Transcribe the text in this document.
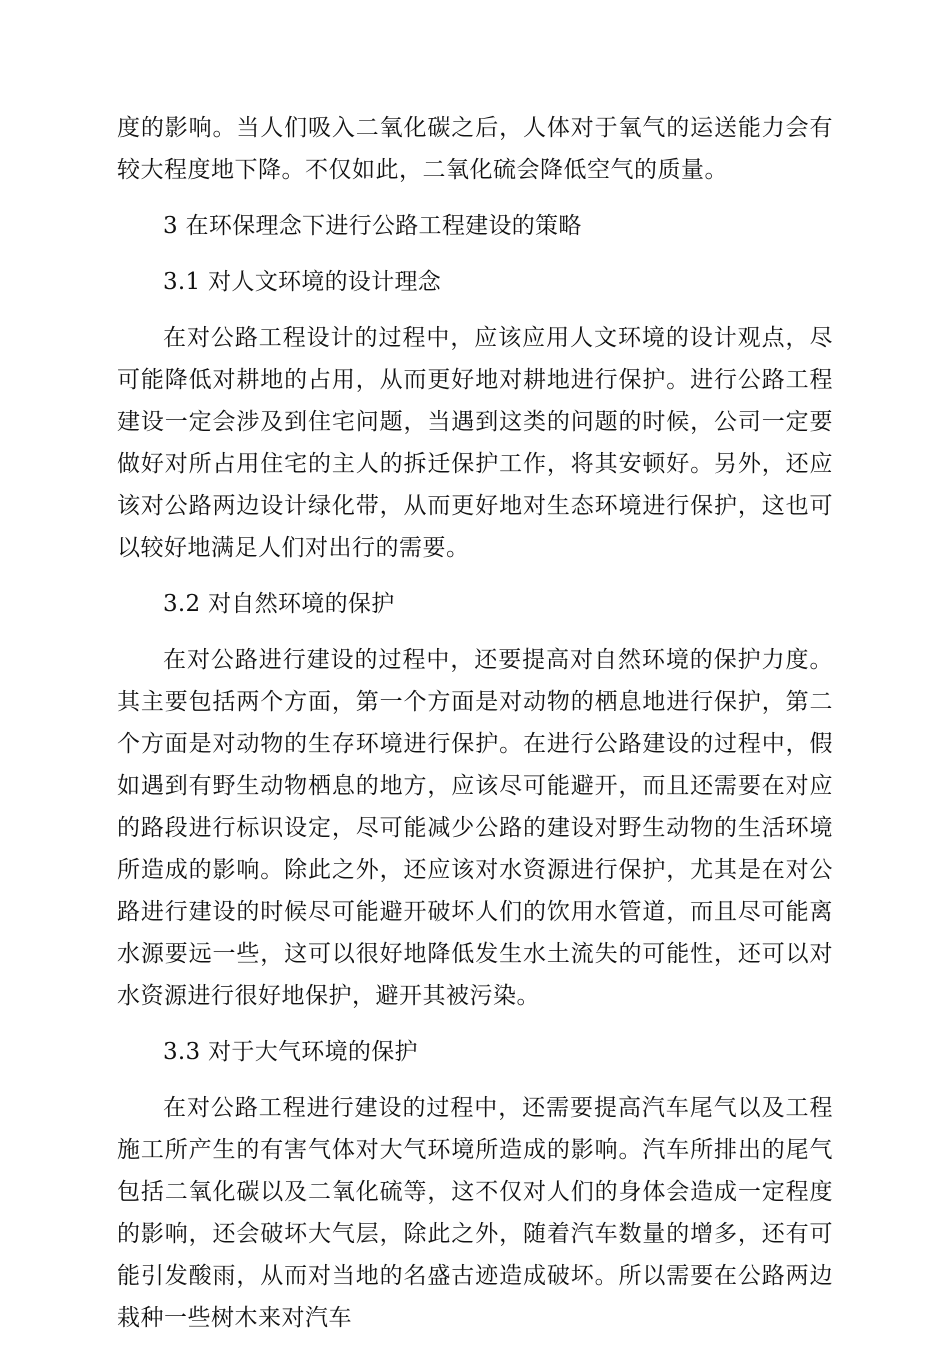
度的影响。当人们吸入二氧化碳之后，人体对于氧气的运送能力会有较大程度地下降。不仅如此，二氧化硫会降低空气的质量。

3 在环保理念下进行公路工程建设的策略

3.1 对人文环境的设计理念

在对公路工程设计的过程中，应该应用人文环境的设计观点，尽可能降低对耕地的占用，从而更好地对耕地进行保护。进行公路工程建设一定会涉及到住宅问题，当遇到这类的问题的时候，公司一定要做好对所占用住宅的主人的拆迁保护工作，将其安顿好。另外，还应该对公路两边设计绿化带，从而更好地对生态环境进行保护，这也可以较好地满足人们对出行的需要。

3.2 对自然环境的保护

在对公路进行建设的过程中，还要提高对自然环境的保护力度。其主要包括两个方面，第一个方面是对动物的栖息地进行保护，第二个方面是对动物的生存环境进行保护。在进行公路建设的过程中，假如遇到有野生动物栖息的地方，应该尽可能避开，而且还需要在对应的路段进行标识设定，尽可能减少公路的建设对野生动物的生活环境所造成的影响。除此之外，还应该对水资源进行保护，尤其是在对公路进行建设的时候尽可能避开破坏人们的饮用水管道，而且尽可能离水源要远一些，这可以很好地降低发生水土流失的可能性，还可以对水资源进行很好地保护，避开其被污染。

3.3 对于大气环境的保护

在对公路工程进行建设的过程中，还需要提高汽车尾气以及工程施工所产生的有害气体对大气环境所造成的影响。汽车所排出的尾气包括二氧化碳以及二氧化硫等，这不仅对人们的身体会造成一定程度的影响，还会破坏大气层，除此之外，随着汽车数量的增多，还有可能引发酸雨，从而对当地的名盛古迹造成破坏。所以需要在公路两边栽种一些树木来对汽车
